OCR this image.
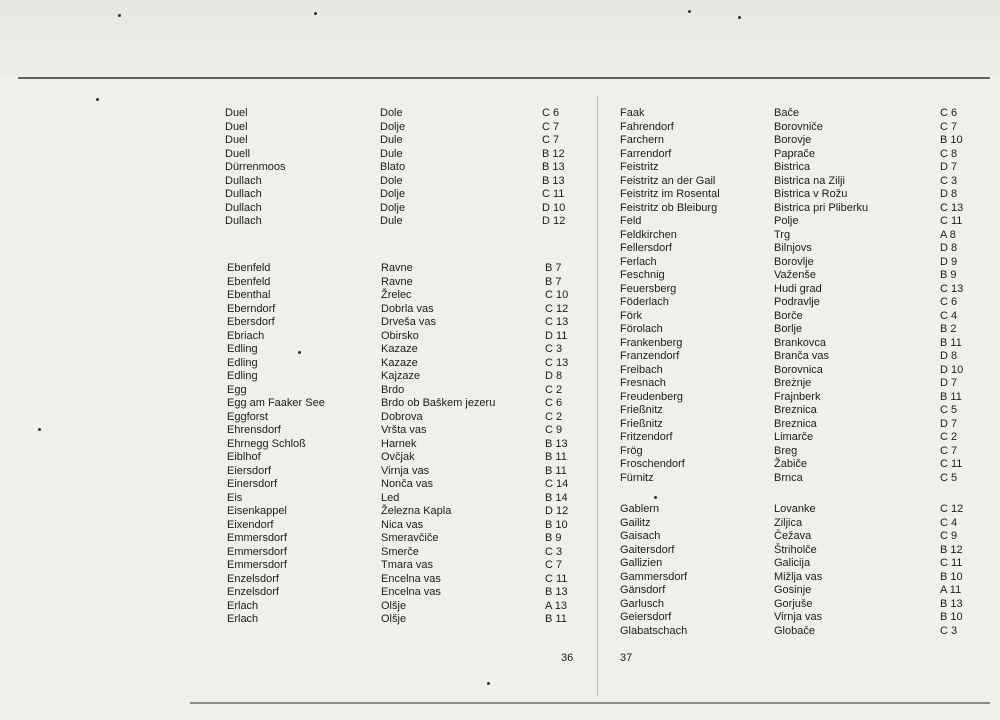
Duel
Duel
Duel
Duell
Dürrenmoos
Dullach
Dullach
Dullach
Dullach
Dole
Dolje
Dule
Dule
Blato
Dole
Dolje
Dolje
Dule
C 6
C 7
C 7
B 12
B 13
B 13
C 11
D 10
D 12
Ebenfeld
Ebenfeld
Ebenthal
Eberndorf
Ebersdorf
Ebriach
Edling
Edling
Edling
Egg
Egg am Faaker See
Eggforst
Ehrensdorf
Ehrnegg Schloß
Eiblhof
Eiersdorf
Einersdorf
Eis
Eisenkappel
Eixendorf
Emmersdorf
Emmersdorf
Emmersdorf
Enzelsdorf
Enzelsdorf
Erlach
Erlach
Ravne
Ravne
Žrelec
Dobrla vas
Drveša vas
Obirsko
Kazaze
Kazaze
Kajzaze
Brdo
Brdo ob Baškem jezeru
Dobrova
Vršta vas
Harnek
Ovčjak
Virnja vas
Nonča vas
Led
Železna Kapla
Nica vas
Smeravčiče
Smerče
Tmara vas
Encelna vas
Encelna vas
Olšje
Olšje
B 7
B 7
C 10
C 12
C 13
D 11
C 3
C 13
D 8
C 2
C 6
C 2
C 9
B 13
B 11
B 11
C 14
B 14
D 12
B 10
B 9
C 3
C 7
C 11
B 13
A 13
B 11
36
Faak
Fahrendorf
Farchern
Farrendorf
Feistritz
Feistritz an der Gail
Feistritz im Rosental
Feistritz ob Bleiburg
Feld
Feldkirchen
Fellersdorf
Ferlach
Feschnig
Feuersberg
Föderlach
Förk
Förolach
Frankenberg
Franzendorf
Freibach
Fresnach
Freudenberg
Frießnitz
Frießnitz
Fritzendorf
Frög
Froschendorf
Fürnitz
Bače
Borovniče
Borovje
Paprače
Bistrica
Bistrica na Zilji
Bistrica v Rožu
Bistrica pri Pliberku
Polje
Trg
Bilnjovs
Borovlje
Važenše
Hudi grad
Podravlje
Borče
Borlje
Brankovca
Branča vas
Borovnica
Breżnje
Frajnberk
Breznica
Breznica
Limarče
Breg
Žabiče
Brnca
C 6
C 7
B 10
C 8
D 7
C 3
D 8
C 13
C 11
A 8
D 8
D 9
B 9
C 13
C 6
C 4
B 2
B 11
D 8
D 10
D 7
B 11
C 5
D 7
C 2
C 7
C 11
C 5
Gablern
Gailitz
Gaisach
Gaitersdorf
Gallizien
Gammersdorf
Gänsdorf
Garlusch
Geiersdorf
Glabatschach
Lovanke
Ziljica
Čežava
Štriholče
Galicija
Mižlja vas
Gosinje
Gorjuše
Virnja vas
Globače
C 12
C 4
C 9
B 12
C 11
B 10
A 11
B 13
B 10
C 3
37
